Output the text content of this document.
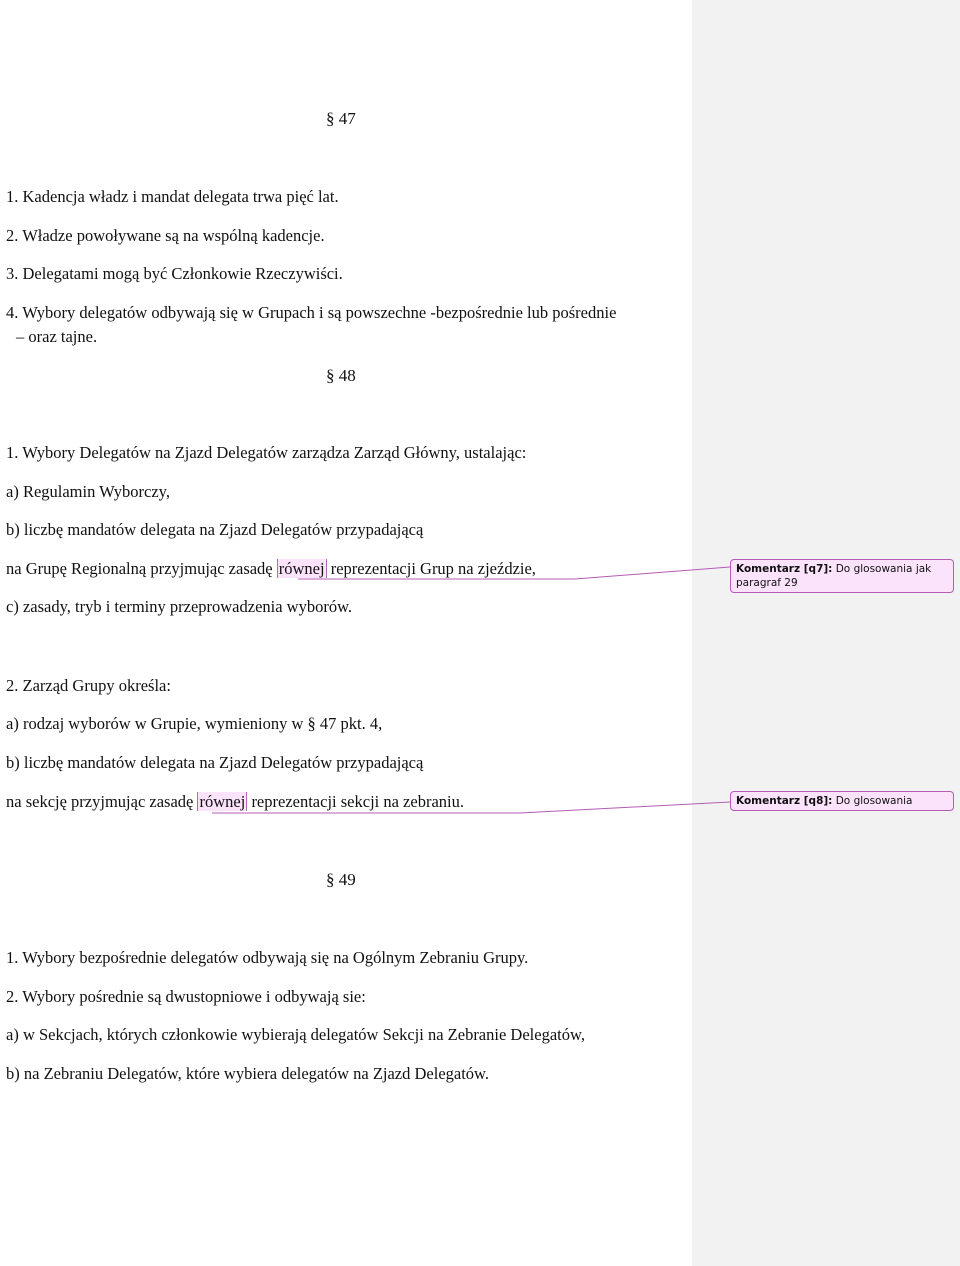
§ 47
1. Kadencja władz i mandat delegata trwa pięć lat.
2. Władze powoływane są na wspólną kadencje.
3. Delegatami mogą być Członkowie Rzeczywiści.
4. Wybory delegatów odbywają się w Grupach i są powszechne -bezpośrednie lub pośrednie
– oraz tajne.
§ 48
1. Wybory Delegatów na Zjazd Delegatów zarządza Zarząd Główny, ustalając:
a) Regulamin Wyborczy,
b) liczbę mandatów delegata na Zjazd Delegatów przypadającą
na Grupę Regionalną przyjmując zasadę równej reprezentacji Grup na zjeździe,
c) zasady, tryb i terminy przeprowadzenia wyborów.
2. Zarząd Grupy określa:
a) rodzaj wyborów w Grupie, wymieniony w § 47 pkt. 4,
b) liczbę mandatów delegata na Zjazd Delegatów przypadającą
na sekcję przyjmując zasadę równej reprezentacji sekcji na zebraniu.
§ 49
1. Wybory bezpośrednie delegatów odbywają się na Ogólnym Zebraniu Grupy.
2. Wybory pośrednie są dwustopniowe i odbywają sie:
a) w Sekcjach, których członkowie wybierają delegatów Sekcji na Zebranie Delegatów,
b) na Zebraniu Delegatów, które wybiera delegatów na Zjazd Delegatów.
Komentarz [q7]: Do glosowania jak paragraf 29
Komentarz [q8]: Do glosowania
